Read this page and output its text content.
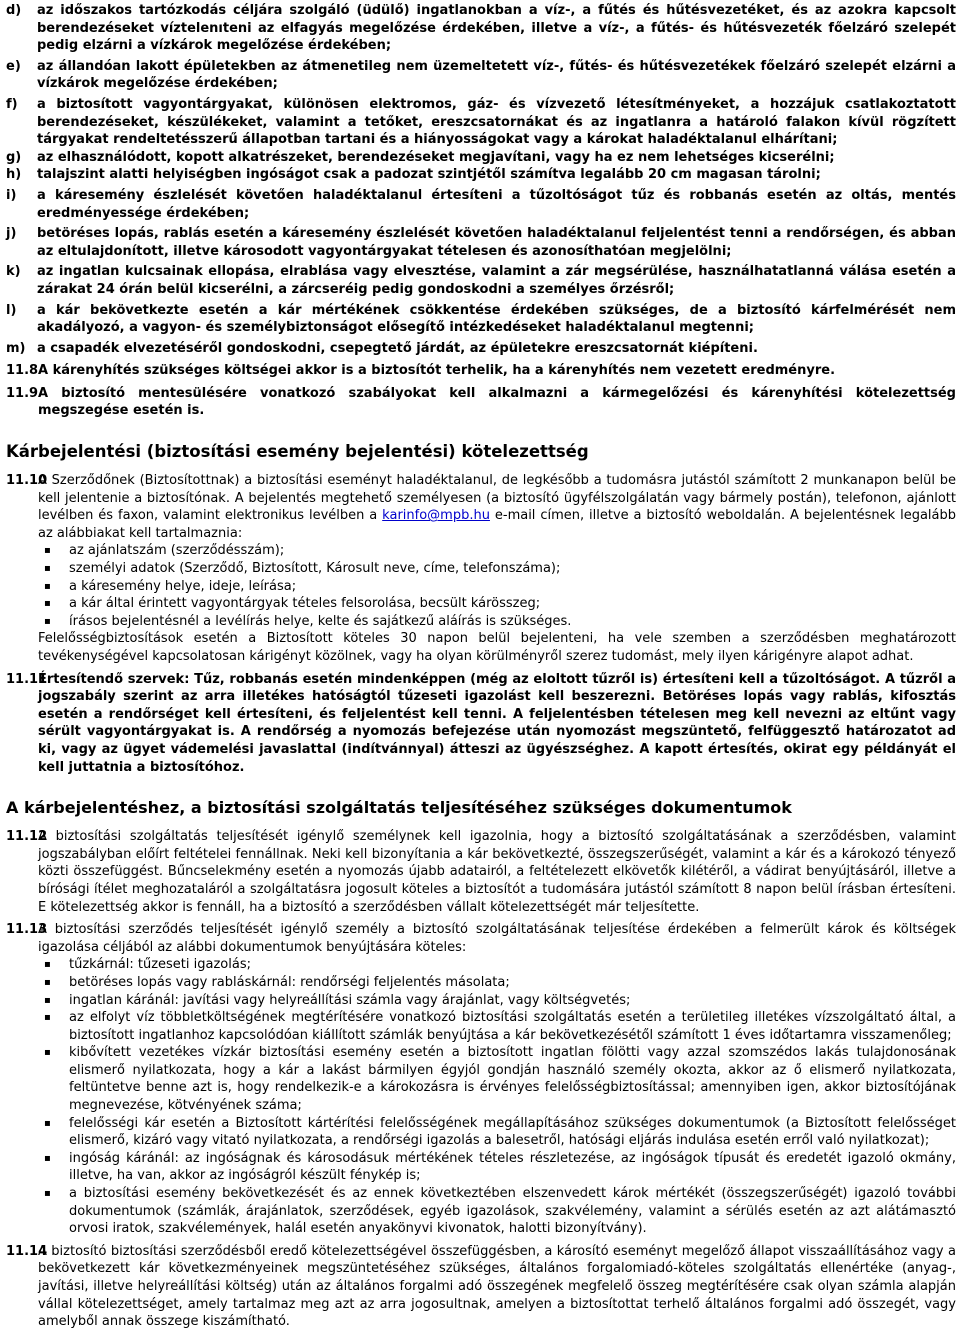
d) az időszakos tartózkodás céljára szolgáló (üdülő) ingatlanokban a víz-, a fűtés és hűtésvezetéket, és az azokra kapcsolt berendezéseket víztelenıteni az elfagyás megelőzése érdekében, illetve a víz-, a fűtés- és hűtésvezeték főelzáró szelepét pedig elzárni a vízkárok megelőzése érdekében;
e) az állandóan lakott épületekben az átmenetileg nem üzemeltetett víz-, fűtés- és hűtésvezetékek főelzáró szelepét elzárni a vízkárok megelőzése érdekében;
f) a biztosított vagyontárgyakat, különösen elektromos, gáz- és vízvezető létesítményeket, a hozzájuk csatlakoztatott berendezéseket, készülékeket, valamint a tetőket, ereszcsatornákat és az ingatlanra a határoló falakon kívül rögzített tárgyakat rendeltetésszerű állapotban tartani és a hiányosságokat vagy a károkat haladéktalanul elhárítani;
g) az elhasználódott, kopott alkatrészeket, berendezéseket megjavítani, vagy ha ez nem lehetséges kicserélni;
h) talajszint alatti helyiségben ingóságot csak a padozat szintjétől számítva legalább 20 cm magasan tárolni;
i) a káresemény észlelését követően haladéktalanul értesíteni a tűzoltóságot tűz és robbanás esetén az oltás, mentés eredményessége érdekében;
j) betöréses lopás, rablás esetén a káresemény észlelését követően haladéktalanul feljelentést tenni a rendőrségen, és abban az eltulajdonított, illetve károsodott vagyontárgyakat tételesen és azonosíthatóan megjelölni;
k) az ingatlan kulcsainak ellopása, elrablása vagy elvesztése, valamint a zár megsérülése, használhatatlanná válása esetén a zárakat 24 órán belül kicserélni, a zárcseréig pedig gondoskodni a személyes őrzésről;
l) a kár bekövetkezte esetén a kár mértékének csökkentése érdekében szükséges, de a biztosító kárfelmérését nem akadályozó, a vagyon- és személybiztonságot elősegítő intézkedéseket haladéktalanul megtenni;
m) a csapadék elvezetéséről gondoskodni, csepegtető járdát, az épületekre ereszcsatornát kiépíteni.
11.8 A kárenyhítés szükséges költségei akkor is a biztosítót terhelik, ha a kárenyhítés nem vezetett eredményre.
11.9 A biztosító mentesülésére vonatkozó szabályokat kell alkalmazni a kármegelőzési és kárenyhítési kötelezettség megszegése esetén is.
Kárbejelentési (biztosítási esemény bejelentési) kötelezettség
11.10
A Szerződőnek (Biztosítottnak) a biztosítási eseményt haladéktalanul, de legkésőbb a tudomásra jutástól számított 2 munkanapon belül be kell jelentenie a biztosítónak. A bejelentés megtehető személyesen (a biztosító ügyfélszolgálatán vagy bármely postán), telefonon, ajánlott levélben és faxon, valamint elektronikus levélben a karinfo@mpb.hu e-mail címen, illetve a biztosító weboldalán. A bejelentésnek legalább az alábbiakat kell tartalmaznia:
▪ az ajánlatszám (szerződésszám);
▪ személyi adatok (Szerződő, Biztosított, Károsult neve, címe, telefonszáma);
▪ a káresemény helye, ideje, leírása;
▪ a kár által érintett vagyontárgyak tételes felsorolása, becsült kárösszeg;
▪ írásos bejelentésnél a levélírás helye, kelte és sajátkezű aláírás is szükséges.
Felelősségbiztosítások esetén a Biztosított köteles 30 napon belül bejelenteni, ha vele szemben a szerződésben meghatározott tevékenységével kapcsolatosan kárigényt közölnek, vagy ha olyan körülményről szerez tudomást, mely ilyen kárigényre alapot adhat.
11.11
Értesítendő szervek: Tűz, robbanás esetén mindenképpen (még az eloltott tűzről is) értesíteni kell a tűzoltóságot. A tűzről a jogszabály szerint az arra illetékes hatóságtól tűzeseti igazolást kell beszerezni. Betöréses lopás vagy rablás, kifosztás esetén a rendőrséget kell értesíteni, és feljelentést kell tenni. A feljelentésben tételesen meg kell nevezni az eltűnt vagy sérült vagyontárgyakat is. A rendőrség a nyomozás befejezése után nyomozást megszüntető, felfüggesztő határozatot ad ki, vagy az ügyet vádemelési javaslattal (indítvánnyal) átteszi az ügyészséghez. A kapott értesítés, okirat egy példányát el kell juttatnia a biztosítóhoz.
A kárbejelentéshez, a biztosítási szolgáltatás teljesítéséhez szükséges dokumentumok
11.12
A biztosítási szolgáltatás teljesítését igénylő személynek kell igazolnia, hogy a biztosító szolgáltatásának a szerződésben, valamint jogszabályban előírt feltételei fennállnak. Neki kell bizonyítania a kár bekövetkezté, összegszerűségét, valamint a kár és a károkozó tényező közti összefüggést. Bűncselekmény esetén a nyomozás újabb adatairól, a feltételezett elkövetők kilétéről, a vádirat benyújtásáról, illetve a bírósági ítélet meghozataláról a szolgáltatásra jogosult köteles a biztosítót a tudomására jutástól számított 8 napon belül írásban értesíteni. E kötelezettség akkor is fennáll, ha a biztosító a szerződésben vállalt kötelezettségét már teljesítette.
11.13
A biztosítási szerződés teljesítését igénylő személy a biztosító szolgáltatásának teljesítése érdekében a felmerült károk és költségek igazolása céljából az alábbi dokumentumok benyújtására köteles:
▪ tűzkárnál: tűzeseti igazolás;
▪ betöréses lopás vagy rabláskárnál: rendőrségi feljelentés másolata;
▪ ingatlan káránál: javítási vagy helyreállítási számla vagy árajánlat, vagy költségvetés;
▪ az elfolyt víz többletköltségének megtérítésére vonatkozó biztosítási szolgáltatás esetén a területileg illetékes vízszolgáltató által, a biztosított ingatlanhoz kapcsolódóan kiállított számlák benyújtása a kár bekövetkezésétől számított 1 éves időtartamra visszamenőleg;
▪ kibővített vezetékes vízkár biztosítási esemény esetén a biztosított ingatlan fölötti vagy azzal szomszédos lakás tulajdonosának elismerő nyilatkozata, hogy a kár a lakást bármilyen égyjól gondján használó személy okozta, akkor az ő elismerő nyilatkozata, feltüntetve benne azt is, hogy rendelkezik-e a károkozásra is érvényes felelősségbiztosítással; amennyiben igen, akkor biztosítójának megnevezése, kötvényének száma;
▪ felelősségi kár esetén a Biztosított kártérítési felelősségének megállapításához szükséges dokumentumok (a Biztosított felelősséget elismerő, kizáró vagy vitató nyilatkozata, a rendőrségi igazolás a balesetről, hatósági eljárás indulása esetén erről való nyilatkozat);
▪ ingóság káránál: az ingóságnak és károsodásuk mértékének tételes részletezése, az ingóságok típusát és eredetét igazoló okmány, illetve, ha van, akkor az ingóságról készült fénykép is;
▪ a biztosítási esemény bekövetkezését és az ennek következtében elszenvedett károk mértékét (összegszerűségét) igazoló további dokumentumok (számlák, árajánlatok, szerződések, egyéb igazolások, szakvélemény, valamint a sérülés esetén az azt alátámasztó orvosi iratok, szakvélemények, halál esetén anyakönyvi kivonatok, halotti bizonyítvány).
11.14
A biztosító biztosítási szerződésből eredő kötelezettségével összefüggésben, a károsító eseményt megelőző állapot visszaállításához vagy a bekövetkezett kár következményeinek megszüntetéséhez szükséges, általános forgalomiadó-köteles szolgáltatás ellenértéke (anyag-, javítási, illetve helyreállítási költség) után az általános forgalmi adó összegének megfelelő összeg megtérítésére csak olyan számla alapján vállal kötelezettséget, amely tartalmaz meg azt az arra jogosultnak, amelyen a biztosítottat terhelő általános forgalmi adó összegét, vagy amelyből annak összege kiszámítható.
